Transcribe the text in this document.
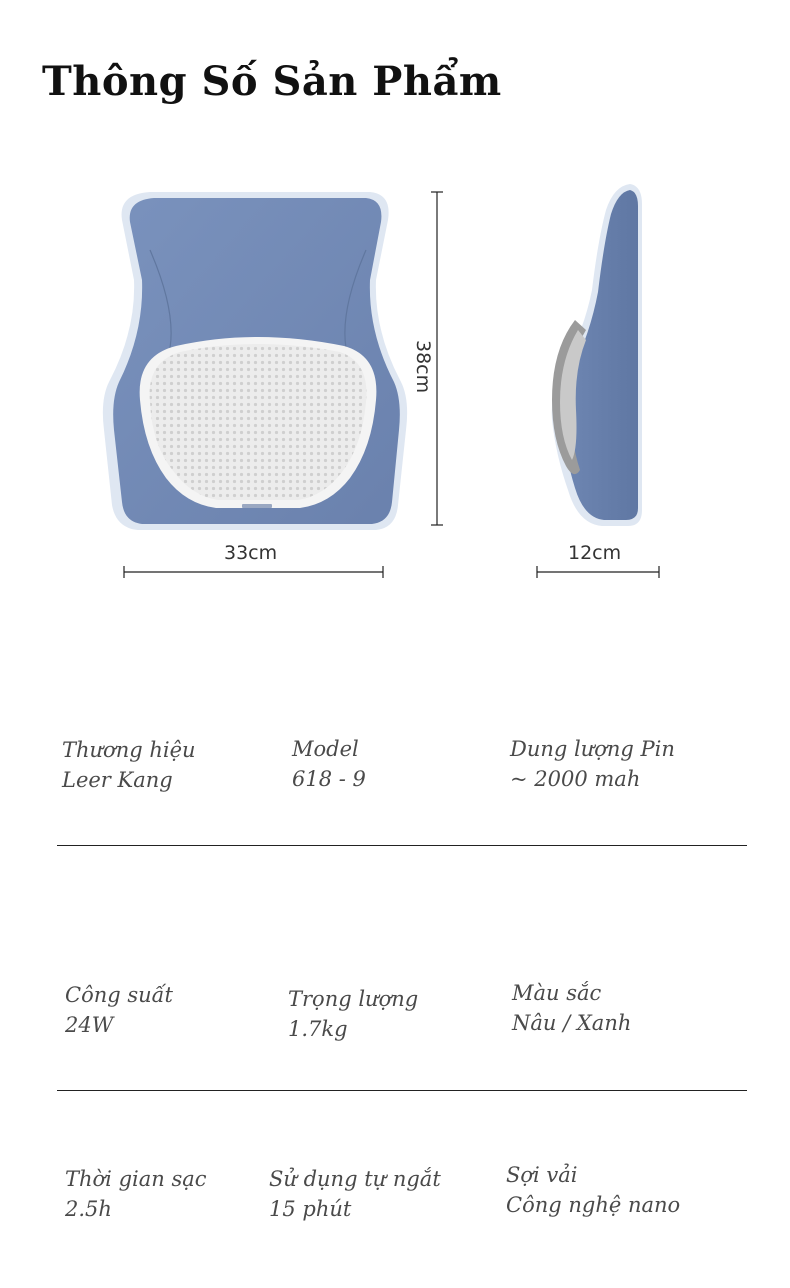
Thông Số Sản Phẩm
33cm	12cm
38cm
Thương hiệu
Leer Kang
Model
618 - 9
Dung lượng Pin
~ 2000 mah
Công suất
24W
Trọng lượng
1.7kg
Màu sắc
Nâu / Xanh
Thời gian sạc
2.5h
Sử dụng tự ngắt
15 phút
Sợi vải
Công nghệ nano
